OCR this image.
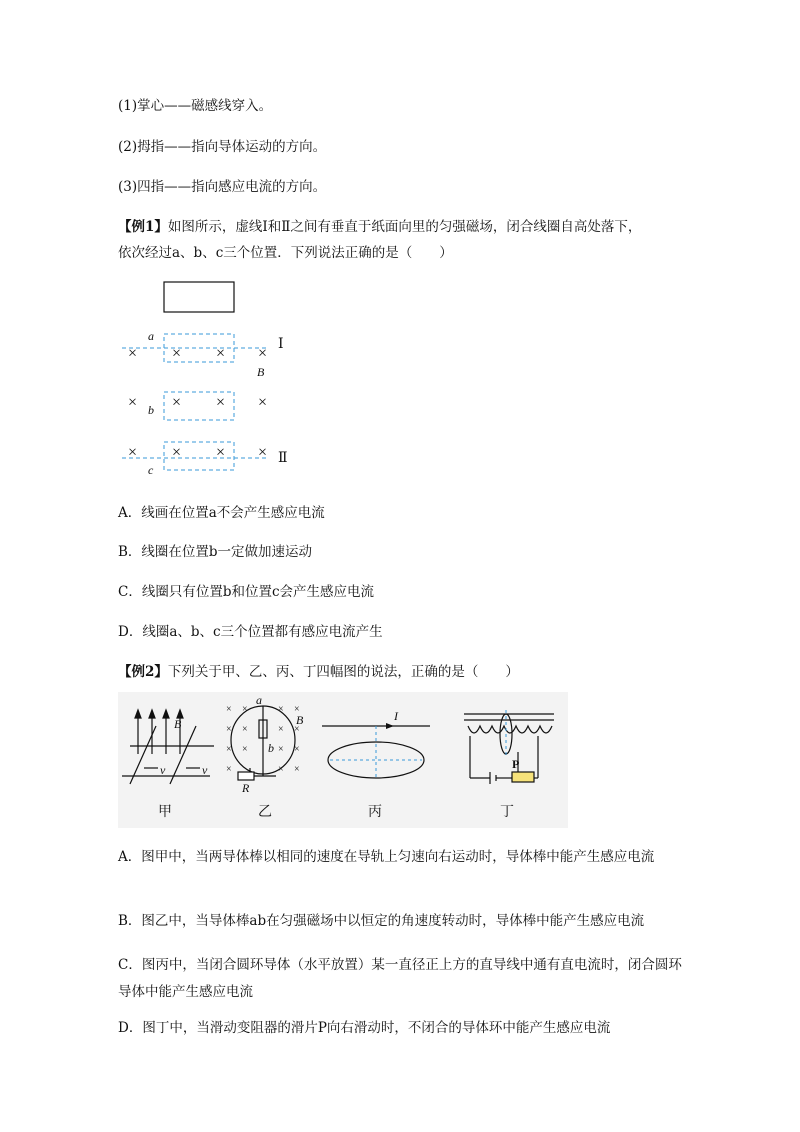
(1)掌心——磁感线穿入。
(2)拇指——指向导体运动的方向。
(3)四指——指向感应电流的方向。
【例1】如图所示，虚线Ⅰ和Ⅱ之间有垂直于纸面向里的匀强磁场，闭合线圈自高处落下，
依次经过a、b、c三个位置．下列说法正确的是（　　）
× × × ×
× × × ×
× × × ×
a
b
c
B
Ⅰ
Ⅱ
A．线画在位置a不会产生感应电流
B．线圈在位置b一定做加速运动
C．线圈只有位置b和位置c会产生感应电流
D．线圈a、b、c三个位置都有感应电流产生
【例2】下列关于甲、乙、丙、丁四幅图的说法，正确的是（　　）
B
v	v
甲
× ×	× ×
× ×	× ×
× ×	× ×
×	× ×
a
b
B
R
乙
I
丙
P
丁
A．图甲中，当两导体棒以相同的速度在导轨上匀速向右运动时，导体棒中能产生感应电流
B．图乙中，当导体棒ab在匀强磁场中以恒定的角速度转动时，导体棒中能产生感应电流
C．图丙中，当闭合圆环导体（水平放置）某一直径正上方的直导线中通有直电流时，闭合圆环导体中能产生感应电流
D．图丁中，当滑动变阻器的滑片P向右滑动时，不闭合的导体环中能产生感应电流
